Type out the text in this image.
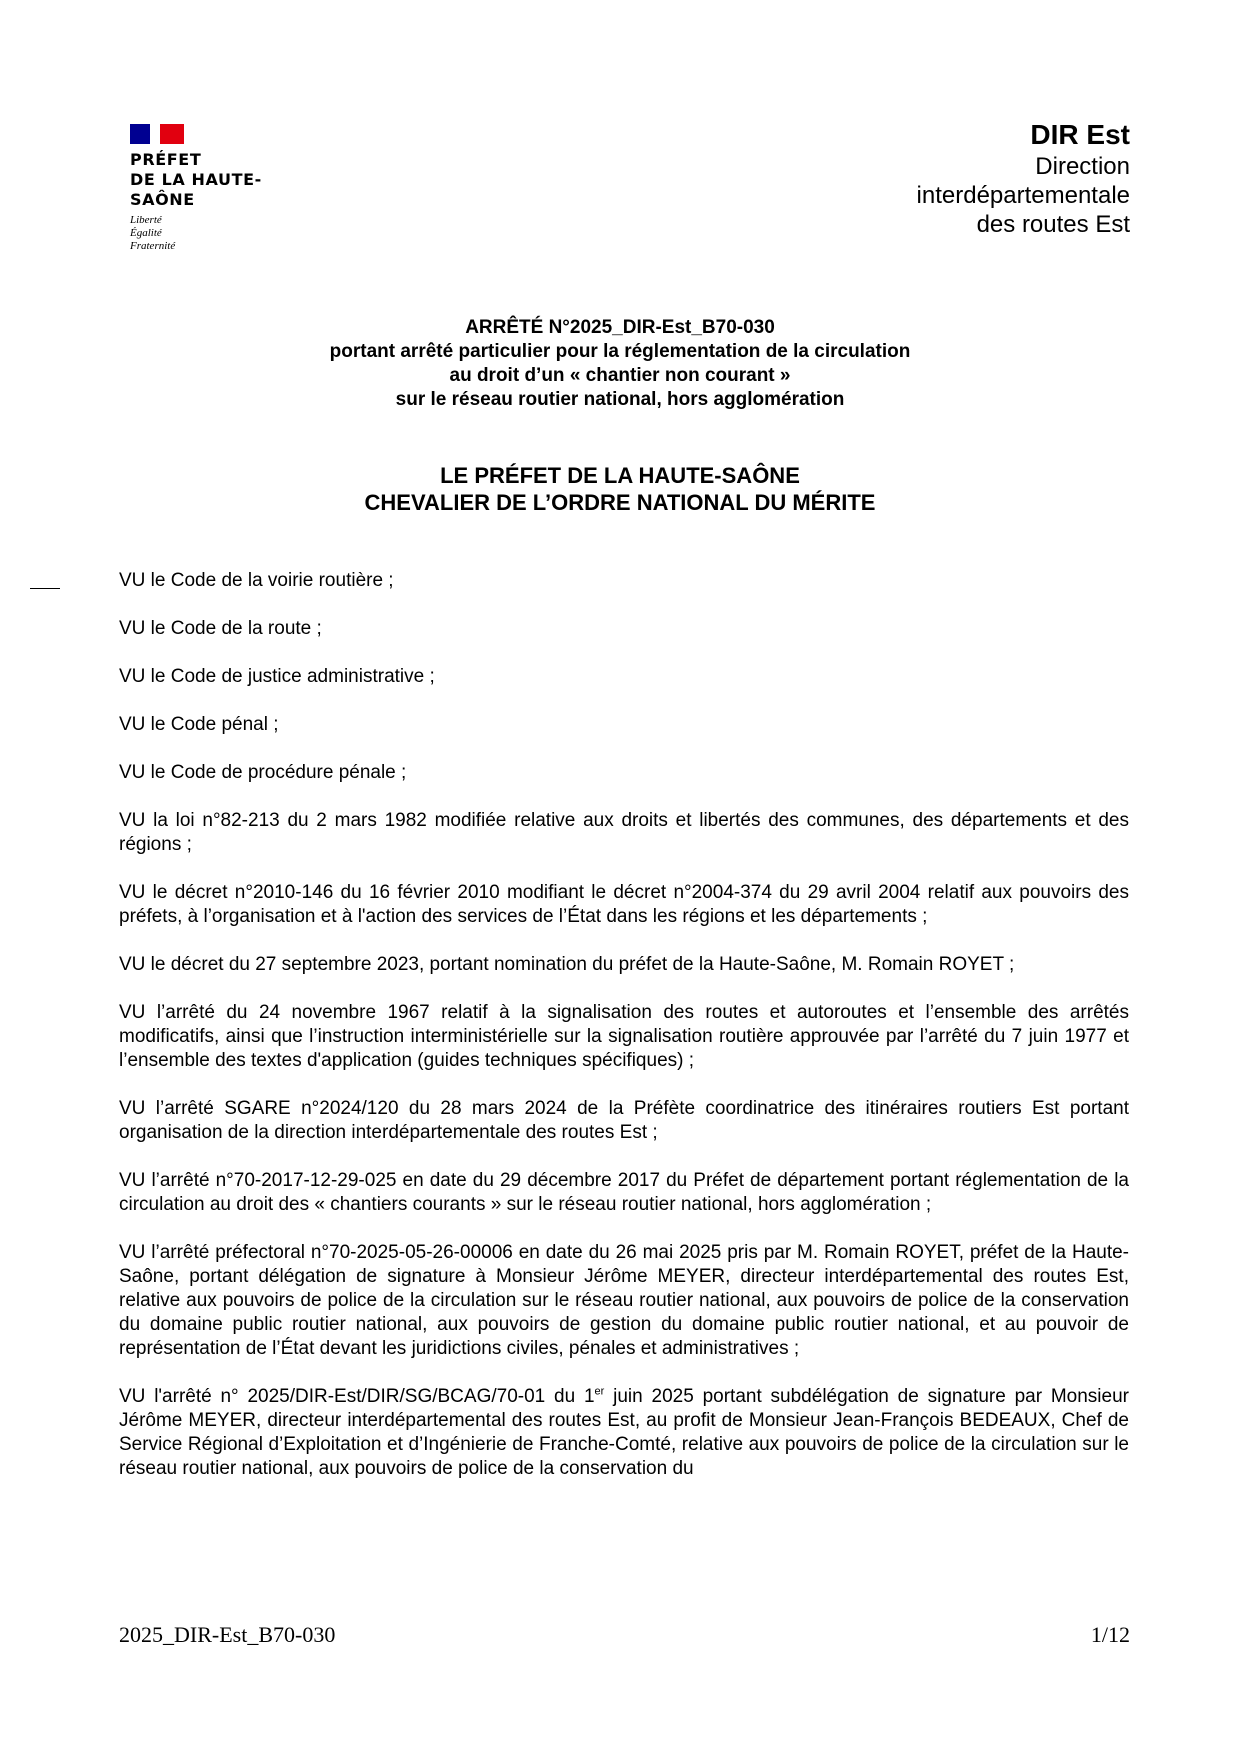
PRÉFET
DE LA HAUTE-
SAÔNE
Liberté
Égalité
Fraternité
DIR Est
Direction interdépartementale des routes Est
ARRÊTÉ N°2025_DIR-Est_B70-030
portant arrêté particulier pour la réglementation de la circulation
au droit d’un « chantier non courant »
sur le réseau routier national, hors agglomération
LE PRÉFET DE LA HAUTE-SAÔNE
CHEVALIER DE L’ORDRE NATIONAL DU MÉRITE

VU le Code de la voirie routière ;

VU le Code de la route ;

VU le Code de justice administrative ;

VU le Code pénal ;

VU le Code de procédure pénale ;

VU la loi n°82-213 du 2 mars 1982 modifiée relative aux droits et libertés des communes, des départements et des régions ;

VU le décret n°2010-146 du 16 février 2010 modifiant le décret n°2004-374 du 29 avril 2004 relatif aux pouvoirs des préfets, à l’organisation et à l'action des services de l’État dans les régions et les départements ;

VU le décret du 27 septembre 2023, portant nomination du préfet de la Haute-Saône, M. Romain ROYET ;

VU l’arrêté du 24 novembre 1967 relatif à la signalisation des routes et autoroutes et l’ensemble des arrêtés modificatifs, ainsi que l’instruction interministérielle sur la signalisation routière approuvée par l’arrêté du 7 juin 1977 et l’ensemble des textes d'application (guides techniques spécifiques) ;

VU l’arrêté SGARE n°2024/120 du 28 mars 2024 de la Préfète coordinatrice des itinéraires routiers Est portant organisation de la direction interdépartementale des routes Est ;

VU l’arrêté n°70-2017-12-29-025 en date du 29 décembre 2017 du Préfet de département portant réglementation de la circulation au droit des « chantiers courants » sur le réseau routier national, hors agglomération ;

VU l’arrêté préfectoral n°70-2025-05-26-00006 en date du 26 mai 2025 pris par M. Romain ROYET, préfet de la Haute-Saône, portant délégation de signature à Monsieur Jérôme MEYER, directeur interdépartemental des routes Est, relative aux pouvoirs de police de la circulation sur le réseau routier national, aux pouvoirs de police de la conservation du domaine public routier national, aux pouvoirs de gestion du domaine public routier national, et au pouvoir de représentation de l’État devant les juridictions civiles, pénales et administratives ;

VU l'arrêté n° 2025/DIR-Est/DIR/SG/BCAG/70-01 du 1er juin 2025 portant subdélégation de signature par Monsieur Jérôme MEYER, directeur interdépartemental des routes Est, au profit de Monsieur Jean-François BEDEAUX, Chef de Service Régional d’Exploitation et d’Ingénierie de Franche-Comté, relative aux pouvoirs de police de la circulation sur le réseau routier national, aux pouvoirs de police de la conservation du

2025_DIR-Est_B70-030	1/12
